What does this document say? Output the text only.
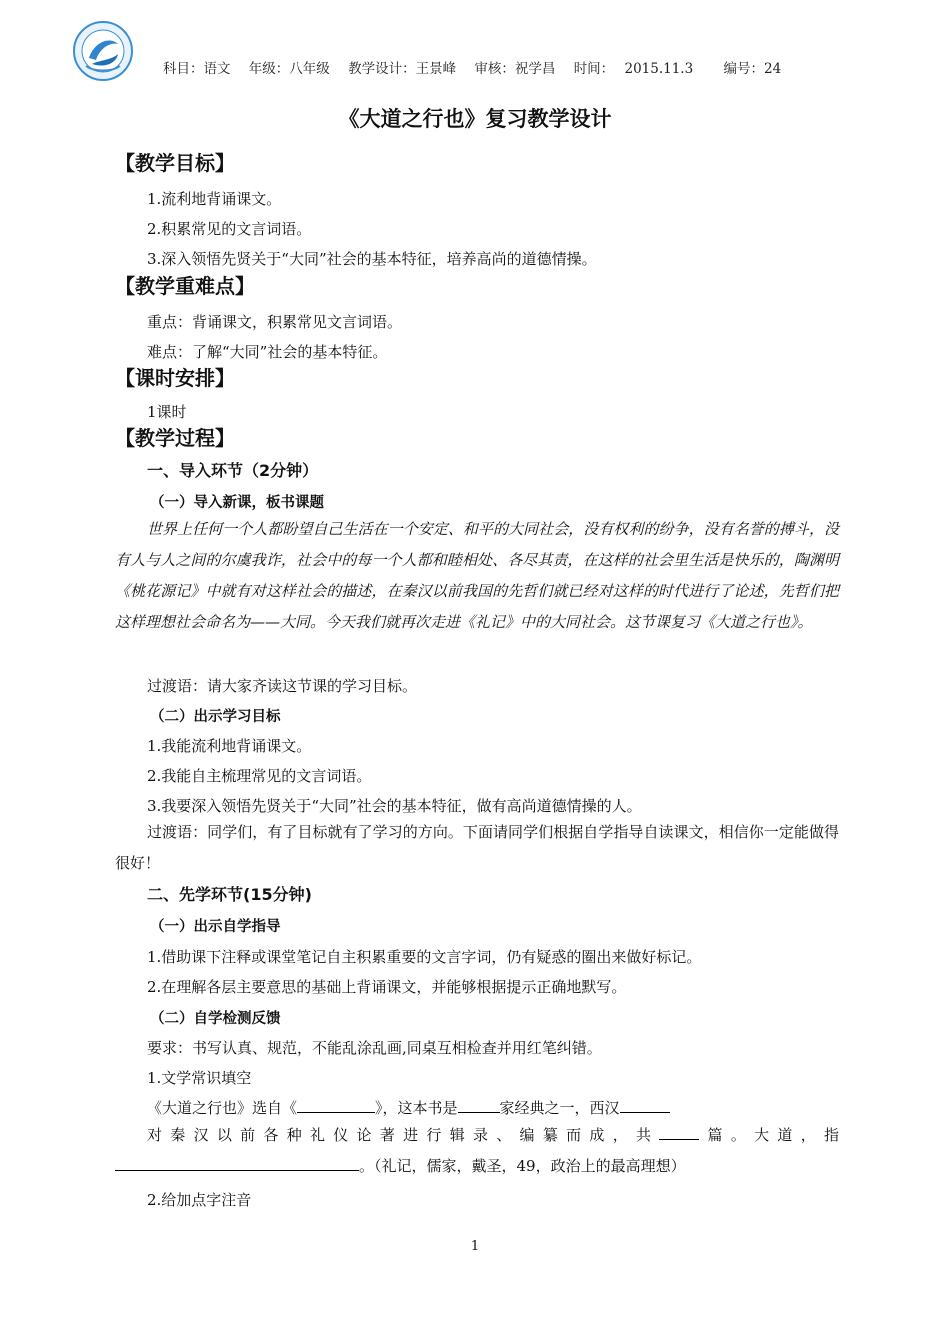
科目：语文 年级：八年级 教学设计：王景峰 审核：祝学昌 时间： 2015.11.3 编号：24
《大道之行也》复习教学设计
【教学目标】
1.流利地背诵课文。
2.积累常见的文言词语。
3.深入领悟先贤关于“大同”社会的基本特征，培养高尚的道德情操。
【教学重难点】
重点：背诵课文，积累常见文言词语。
难点：了解“大同”社会的基本特征。
【课时安排】
1课时
【教学过程】
一、导入环节（2分钟）
（一）导入新课，板书课题
世界上任何一个人都盼望自己生活在一个安定、和平的大同社会，没有权利的纷争，没有名誉的搏斗，没有人与人之间的尔虞我诈，社会中的每一个人都和睦相处、各尽其责，在这样的社会里生活是快乐的，陶渊明《桃花源记》中就有对这样社会的描述，在秦汉以前我国的先哲们就已经对这样的时代进行了论述，先哲们把这样理想社会命名为——大同。今天我们就再次走进《礼记》中的大同社会。这节课复习《大道之行也》。
过渡语：请大家齐读这节课的学习目标。
（二）出示学习目标
1.我能流利地背诵课文。
2.我能自主梳理常见的文言词语。
3.我要深入领悟先贤关于“大同”社会的基本特征，做有高尚道德情操的人。
过渡语：同学们，有了目标就有了学习的方向。下面请同学们根据自学指导自读课文，相信你一定能做得很好！
二、先学环节(15分钟)
（一）出示自学指导
1.借助课下注释或课堂笔记自主积累重要的文言字词，仍有疑惑的圈出来做好标记。
2.在理解各层主要意思的基础上背诵课文，并能够根据提示正确地默写。
（二）自学检测反馈
要求：书写认真、规范，不能乱涂乱画,同桌互相检查并用红笔纠错。
1.文学常识填空
《大道之行也》选自《	》，这本书是	家经典之一，西汉
对秦汉以前各种礼仪论著进行辑录、编纂而成，共	篇。大道，指。（礼记，儒家，戴圣，49，政治上的最高理想）
2.给加点字注音
1
